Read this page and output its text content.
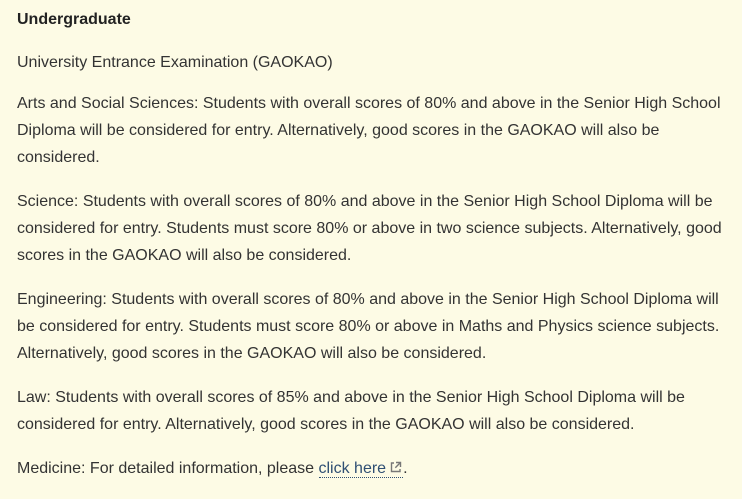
Undergraduate
University Entrance Examination (GAOKAO)
Arts and Social Sciences: Students with overall scores of 80% and above in the Senior High School Diploma will be considered for entry. Alternatively, good scores in the GAOKAO will also be considered.
Science: Students with overall scores of 80% and above in the Senior High School Diploma will be considered for entry. Students must score 80% or above in two science subjects. Alternatively, good scores in the GAOKAO will also be considered.
Engineering: Students with overall scores of 80% and above in the Senior High School Diploma will be considered for entry. Students must score 80% or above in Maths and Physics science subjects. Alternatively, good scores in the GAOKAO will also be considered.
Law: Students with overall scores of 85% and above in the Senior High School Diploma will be considered for entry. Alternatively, good scores in the GAOKAO will also be considered.
Medicine: For detailed information, please click here .
